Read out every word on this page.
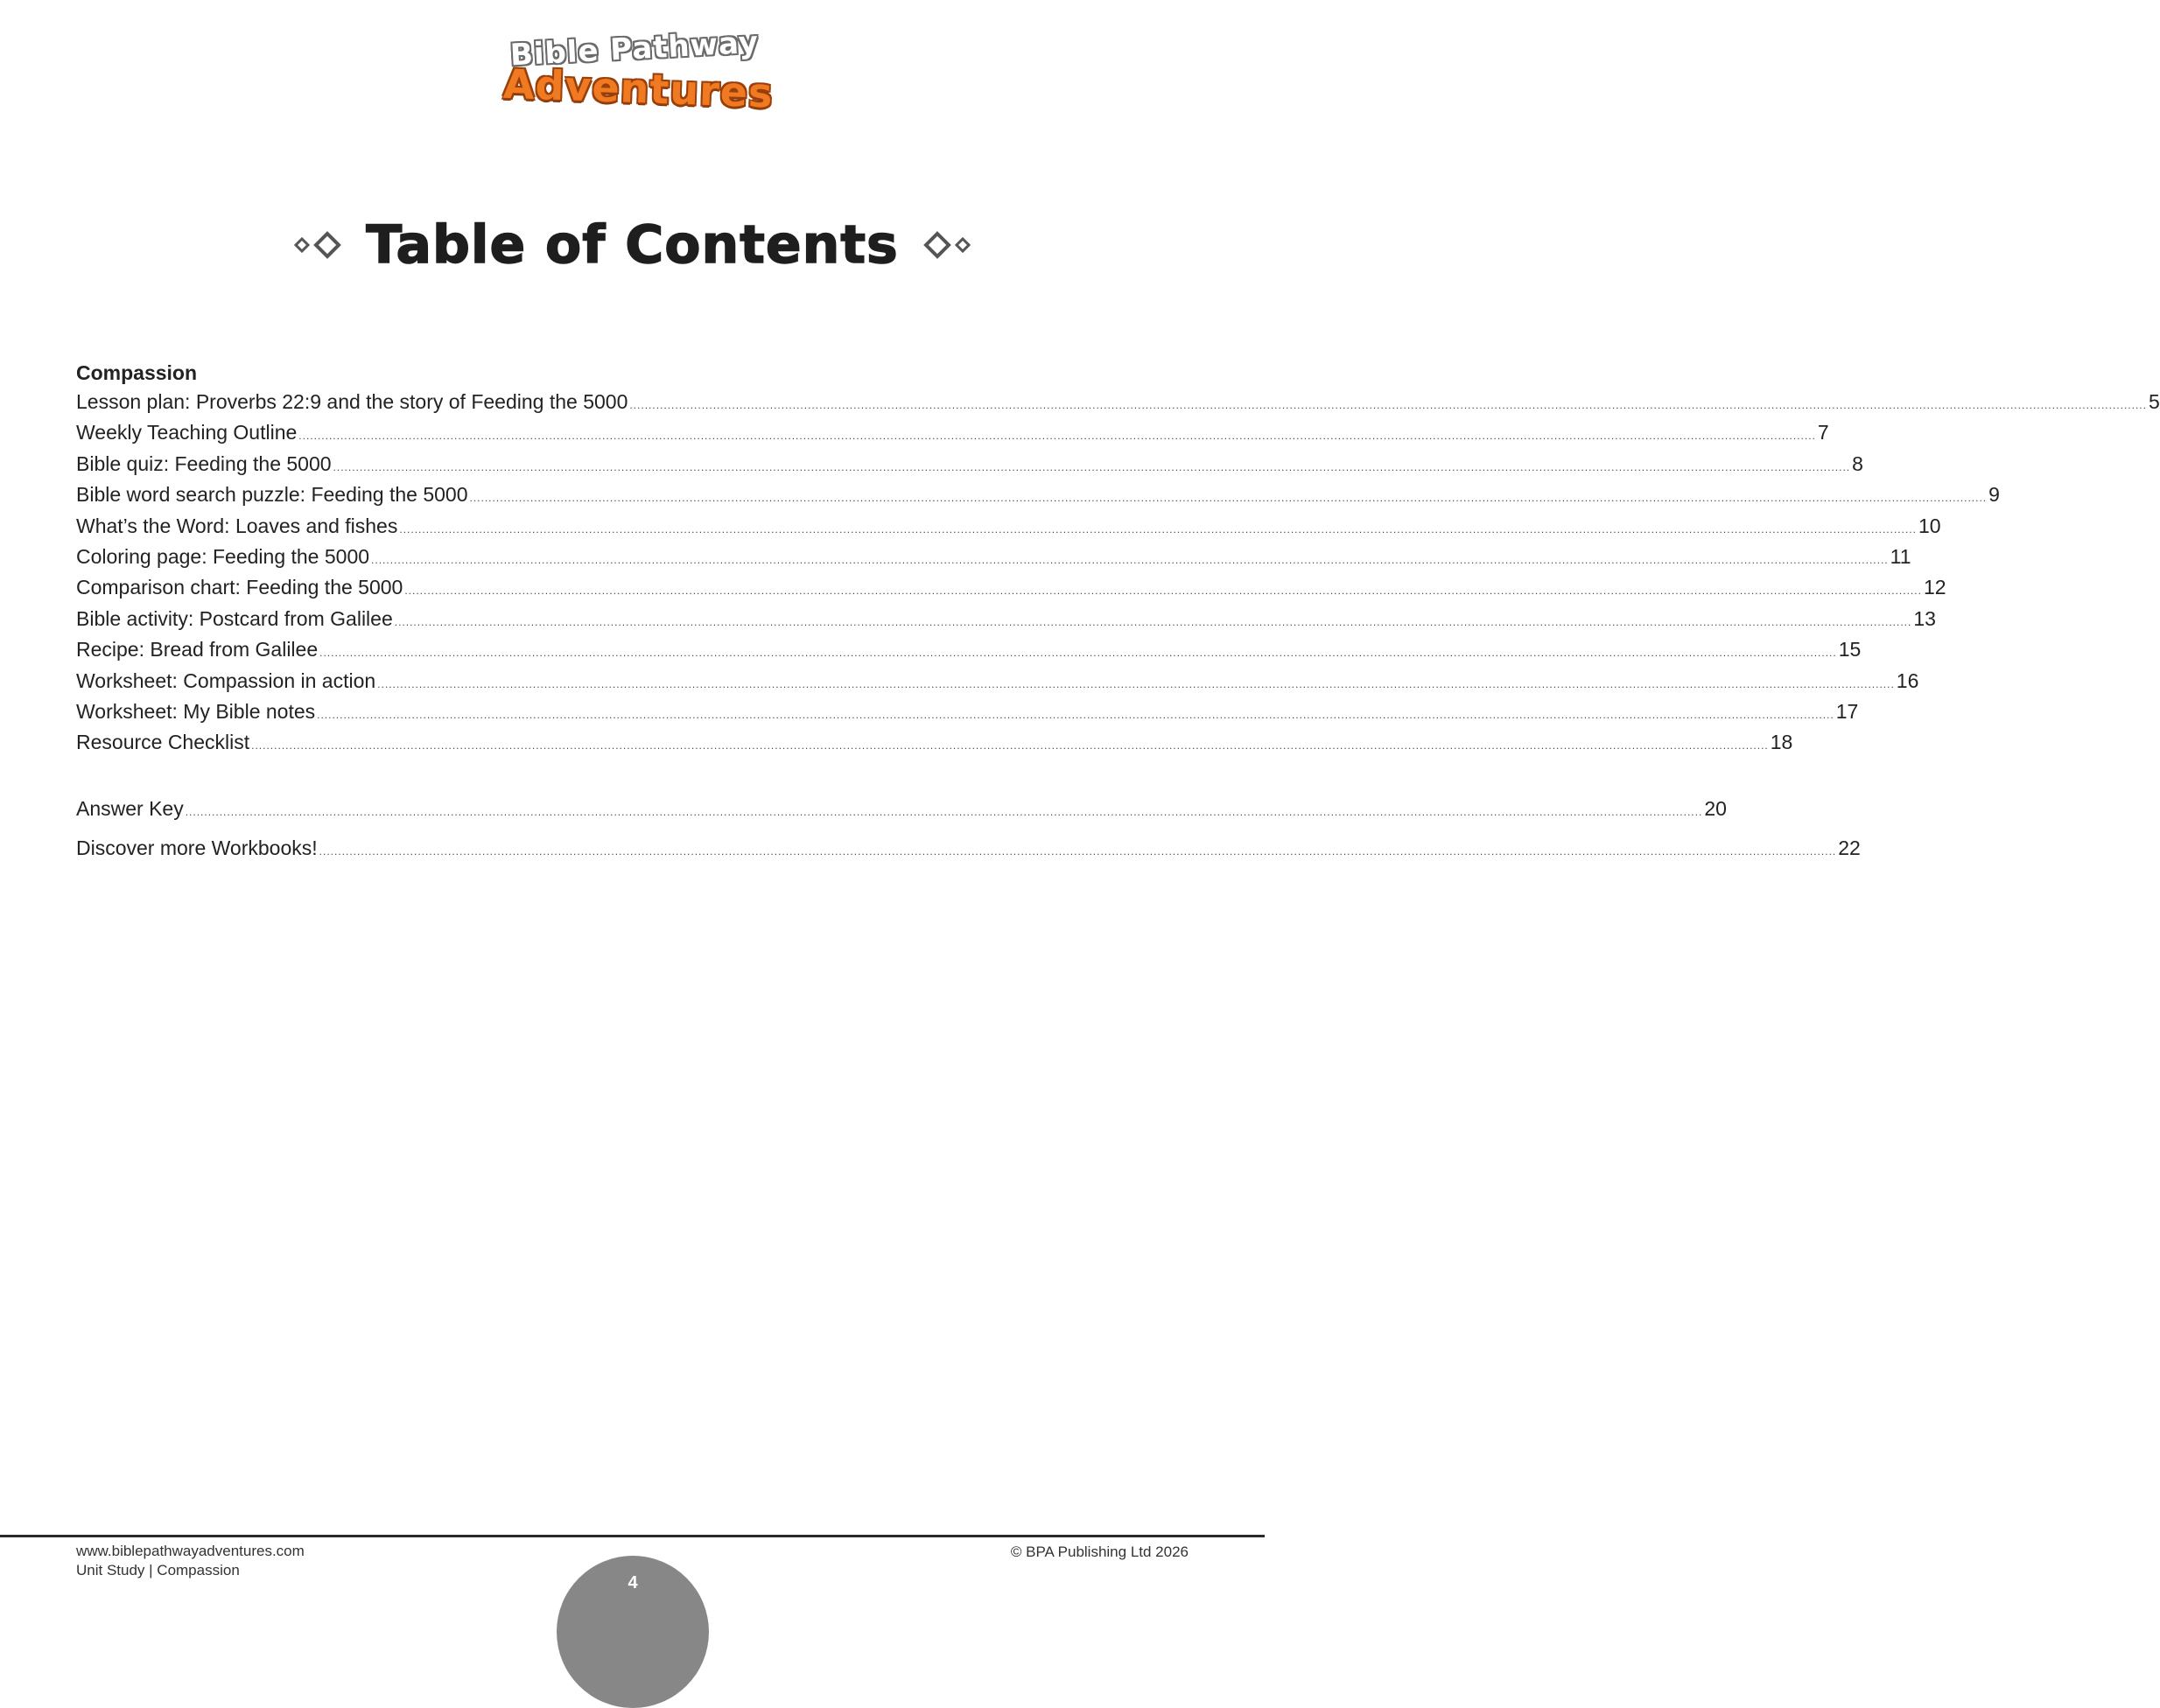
Bible Pathway
Adventures
Table of Contents
Compassion
Lesson plan: Proverbs 22:9 and the story of Feeding the 5000 ................................................................................................................................................................................................................................................................................................................................................................................................................ 5
Weekly Teaching Outline ................................................................................................................................................................................................................................................................................................................................................................................................................ 7
Bible quiz: Feeding the 5000 ................................................................................................................................................................................................................................................................................................................................................................................................................ 8
Bible word search puzzle: Feeding the 5000 ................................................................................................................................................................................................................................................................................................................................................................................................................ 9
What’s the Word: Loaves and fishes ................................................................................................................................................................................................................................................................................................................................................................................................................ 10
Coloring page: Feeding the 5000 ................................................................................................................................................................................................................................................................................................................................................................................................................ 11
Comparison chart: Feeding the 5000 ................................................................................................................................................................................................................................................................................................................................................................................................................ 12
Bible activity: Postcard from Galilee ................................................................................................................................................................................................................................................................................................................................................................................................................ 13
Recipe: Bread from Galilee ................................................................................................................................................................................................................................................................................................................................................................................................................ 15
Worksheet: Compassion in action ................................................................................................................................................................................................................................................................................................................................................................................................................ 16
Worksheet: My Bible notes ................................................................................................................................................................................................................................................................................................................................................................................................................ 17
Resource Checklist ................................................................................................................................................................................................................................................................................................................................................................................................................ 18
Answer Key ................................................................................................................................................................................................................................................................................................................................................................................................................ 20
Discover more Workbooks! ................................................................................................................................................................................................................................................................................................................................................................................................................ 22
www.biblepathwayadventures.com
Unit Study | Compassion
© BPA Publishing Ltd 2026
4
